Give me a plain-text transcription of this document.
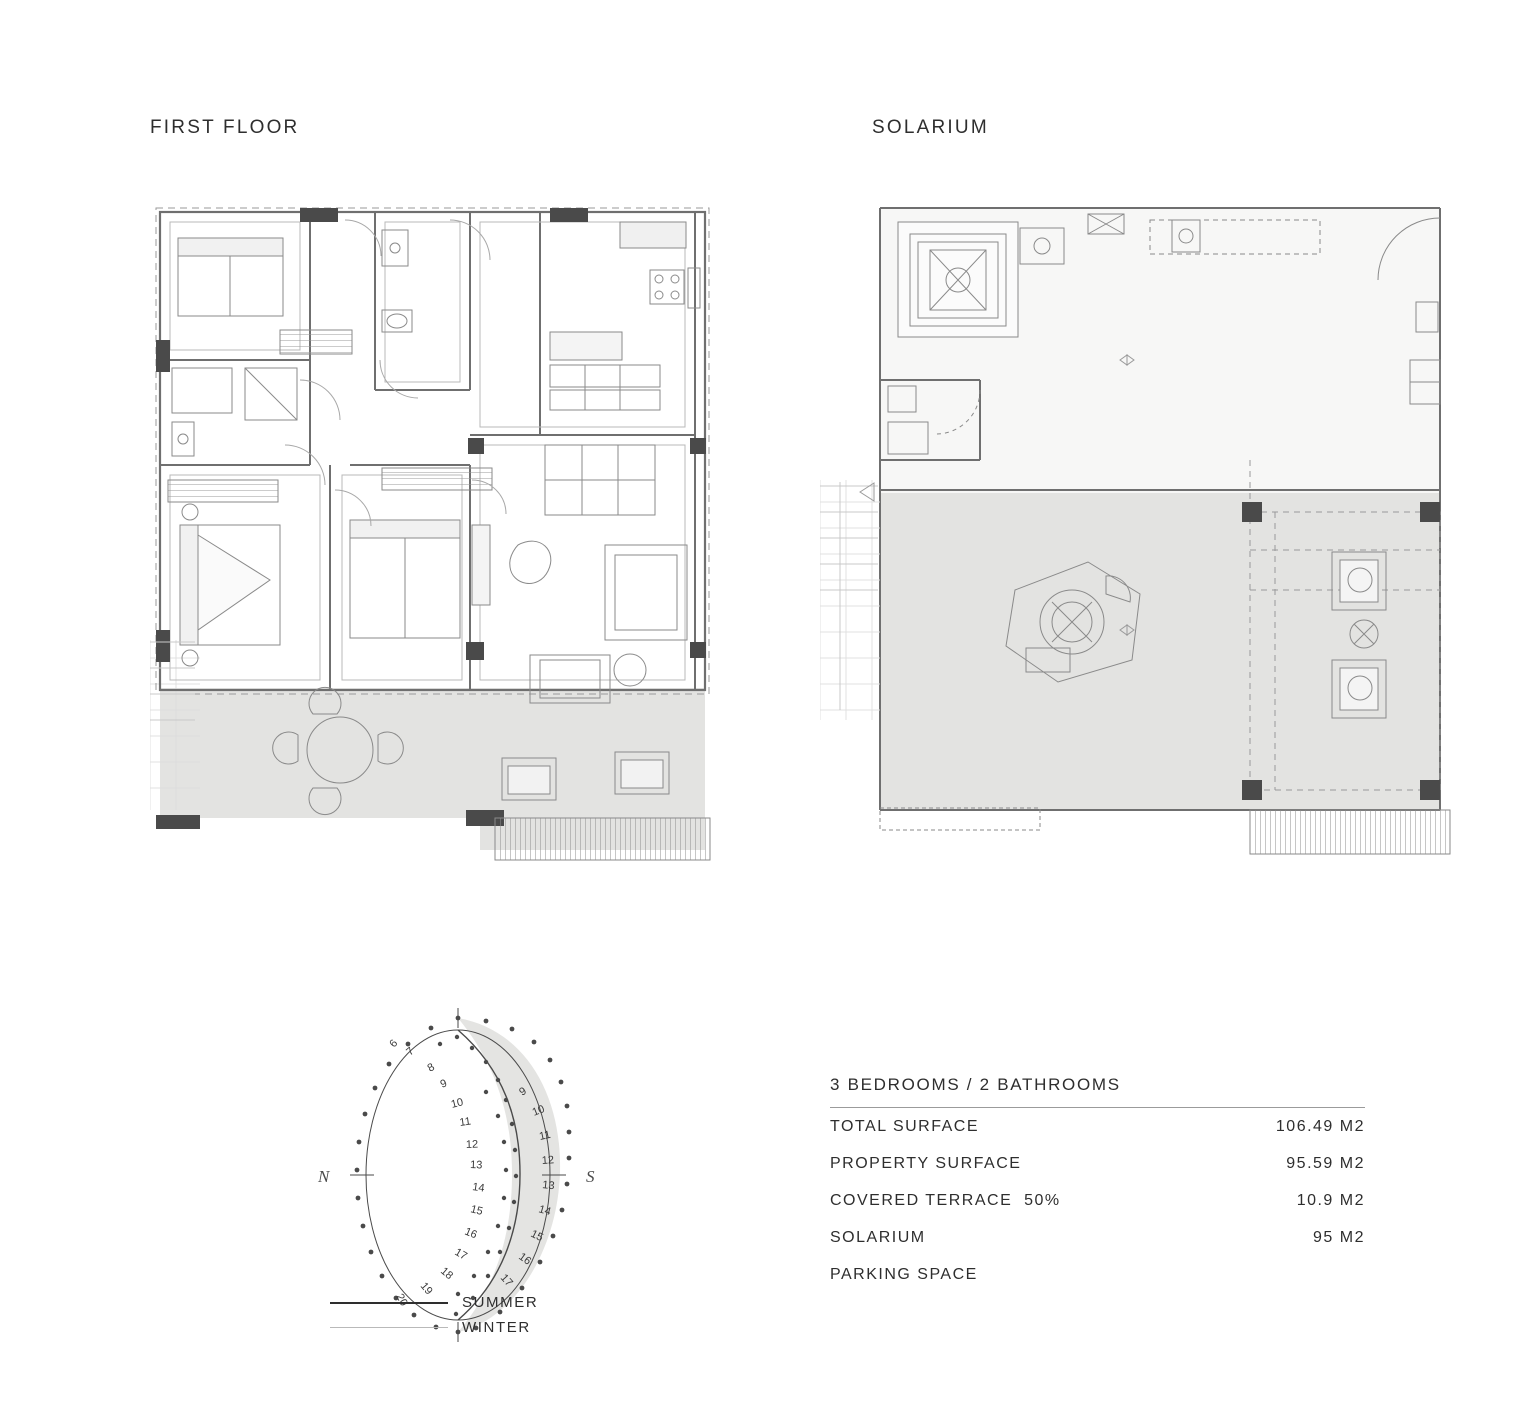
FIRST FLOOR	SOLARIUM
N	S
6
7
8
9
10
11
12
13
14
15
16
17
18
19
20
9
10
11
12
13
14
15
16
17
SUMMER
WINTER
3 BEDROOMS / 2 BATHROOMS
TOTAL SURFACE	106.49 M2
PROPERTY SURFACE	95.59 M2
COVERED TERRACE  50%	10.9 M2
SOLARIUM	95 M2
PARKING SPACE
